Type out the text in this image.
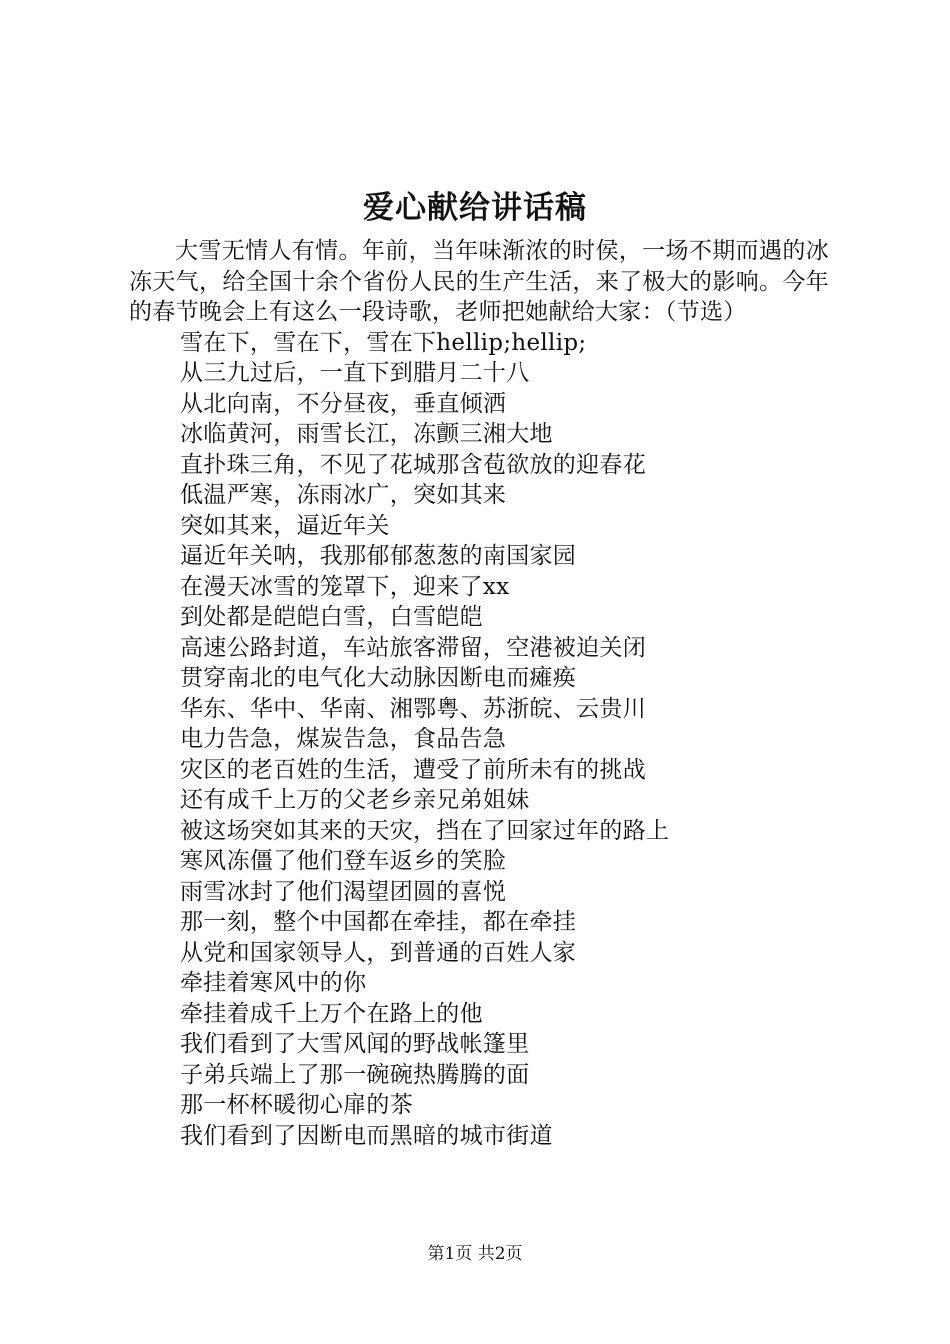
爱心献给讲话稿

大雪无情人有情。年前，当年味渐浓的时侯，一场不期而遇的冰冻天气，给全国十余个省份人民的生产生活，来了极大的影响。今年的春节晚会上有这么一段诗歌，老师把她献给大家：（节选）

雪在下，雪在下，雪在下hellip;hellip;
从三九过后，一直下到腊月二十八
从北向南，不分昼夜，垂直倾洒
冰临黄河，雨雪长江，冻颤三湘大地
直扑珠三角，不见了花城那含苞欲放的迎春花
低温严寒，冻雨冰广，突如其来
突如其来，逼近年关
逼近年关呐，我那郁郁葱葱的南国家园
在漫天冰雪的笼罩下，迎来了xx
到处都是皑皑白雪，白雪皑皑
高速公路封道，车站旅客滞留，空港被迫关闭
贯穿南北的电气化大动脉因断电而瘫痪
华东、华中、华南、湘鄂粤、苏浙皖、云贵川
电力告急，煤炭告急，食品告急
灾区的老百姓的生活，遭受了前所未有的挑战
还有成千上万的父老乡亲兄弟姐妹
被这场突如其来的天灾，挡在了回家过年的路上
寒风冻僵了他们登车返乡的笑脸
雨雪冰封了他们渴望团圆的喜悦
那一刻，整个中国都在牵挂，都在牵挂
从党和国家领导人，到普通的百姓人家
牵挂着寒风中的你
牵挂着成千上万个在路上的他
我们看到了大雪风闻的野战帐篷里
子弟兵端上了那一碗碗热腾腾的面
那一杯杯暖彻心扉的茶
我们看到了因断电而黑暗的城市街道
第1页 共2页
